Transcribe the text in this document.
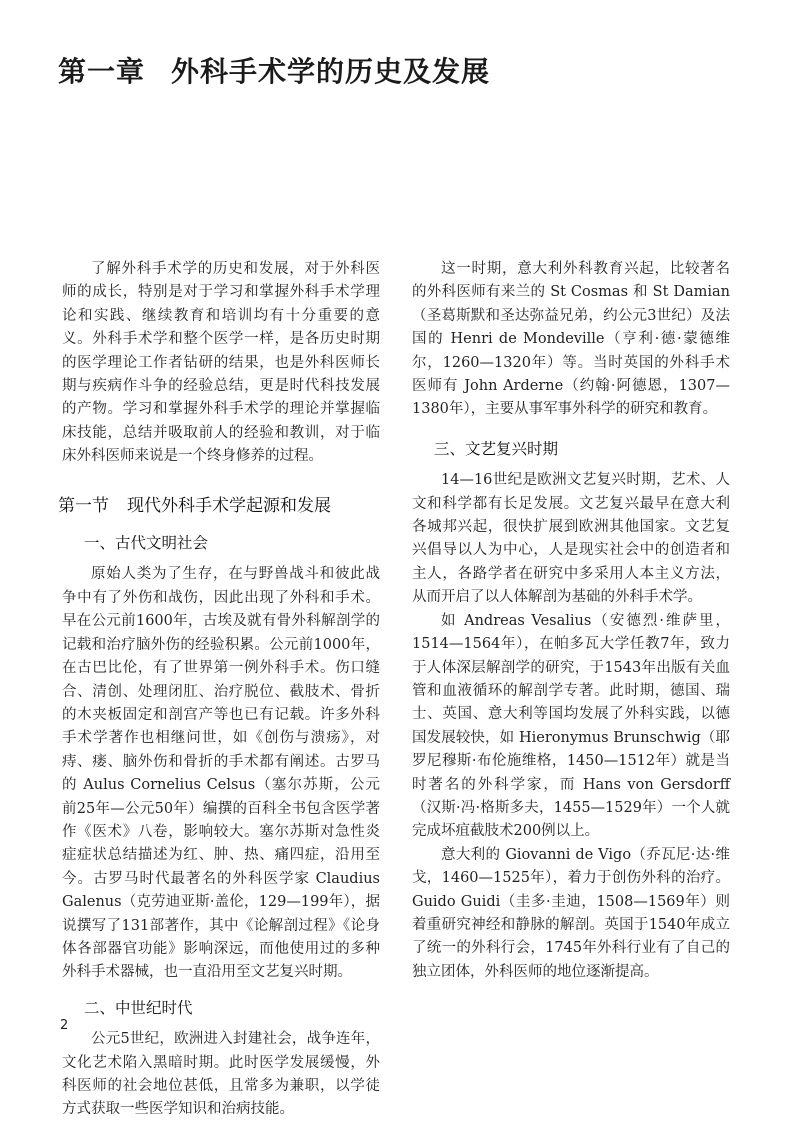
第一章 外科手术学的历史及发展

了解外科手术学的历史和发展，对于外科医师的成长，特别是对于学习和掌握外科手术学理论和实践、继续教育和培训均有十分重要的意义。外科手术学和整个医学一样，是各历史时期的医学理论工作者钻研的结果，也是外科医师长期与疾病作斗争的经验总结，更是时代科技发展的产物。学习和掌握外科手术学的理论并掌握临床技能，总结并吸取前人的经验和教训，对于临床外科医师来说是一个终身修养的过程。

第一节 现代外科手术学起源和发展
一、古代文明社会

原始人类为了生存，在与野兽战斗和彼此战争中有了外伤和战伤，因此出现了外科和手术。早在公元前1600年，古埃及就有骨外科解剖学的记载和治疗脑外伤的经验积累。公元前1000年，在古巴比伦，有了世界第一例外科手术。伤口缝合、清创、处理闭肛、治疗脱位、截肢术、骨折的木夹板固定和剖宫产等也已有记载。许多外科手术学著作也相继问世，如《创伤与溃疡》，对痔、瘘、脑外伤和骨折的手术都有阐述。古罗马的 Aulus Cornelius Celsus（塞尔苏斯，公元前25年—公元50年）编撰的百科全书包含医学著作《医术》八卷，影响较大。塞尔苏斯对急性炎症症状总结描述为红、肿、热、痛四症，沿用至今。古罗马时代最著名的外科医学家 Claudius Galenus（克劳迪亚斯·盖伦，129—199年），据说撰写了131部著作，其中《论解剖过程》《论身体各部器官功能》影响深远，而他使用过的多种外科手术器械，也一直沿用至文艺复兴时期。

二、中世纪时代

公元5世纪，欧洲进入封建社会，战争连年，文化艺术陷入黑暗时期。此时医学发展缓慢，外科医师的社会地位甚低，且常多为兼职，以学徒方式获取一些医学知识和治病技能。

这一时期，意大利外科教育兴起，比较著名的外科医师有来兰的 St Cosmas 和 St Damian（圣葛斯默和圣达弥益兄弟，约公元3世纪）及法国的 Henri de Mondeville（亨利·德·蒙德维尔，1260—1320年）等。当时英国的外科手术医师有 John Arderne（约翰·阿德恩，1307—1380年），主要从事军事外科学的研究和教育。

三、文艺复兴时期

14—16世纪是欧洲文艺复兴时期，艺术、人文和科学都有长足发展。文艺复兴最早在意大利各城邦兴起，很快扩展到欧洲其他国家。文艺复兴倡导以人为中心，人是现实社会中的创造者和主人，各路学者在研究中多采用人本主义方法，从而开启了以人体解剖为基础的外科手术学。

如 Andreas Vesalius（安德烈·维萨里，1514—1564年），在帕多瓦大学任教7年，致力于人体深层解剖学的研究，于1543年出版有关血管和血液循环的解剖学专著。此时期，德国、瑞士、英国、意大利等国均发展了外科实践，以德国发展较快，如 Hieronymus Brunschwig（耶罗尼穆斯·布伦施维格，1450—1512年）就是当时著名的外科学家，而 Hans von Gersdorff（汉斯·冯·格斯多夫，1455—1529年）一个人就完成坏疽截肢术200例以上。

意大利的 Giovanni de Vigo（乔瓦尼·达·维戈，1460—1525年），着力于创伤外科的治疗。Guido Guidi（圭多·圭迪，1508—1569年）则着重研究神经和静脉的解剖。英国于1540年成立了统一的外科行会，1745年外科行业有了自己的独立团体，外科医师的地位逐渐提高。

2
